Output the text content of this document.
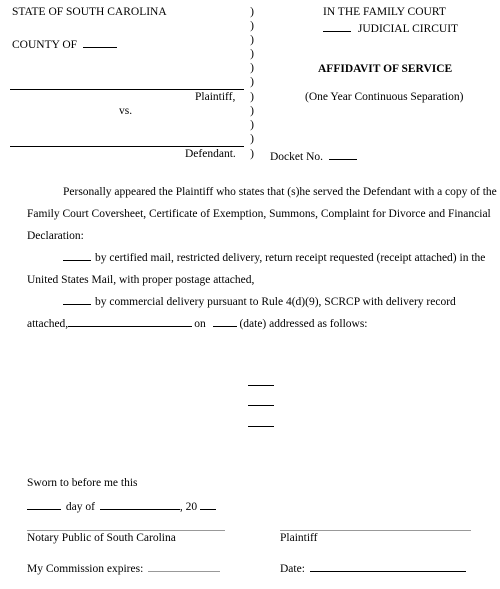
STATE OF SOUTH CAROLINA
COUNTY OF
Plaintiff,
vs.
Defendant.
)
)
)
)
)
)
)
)
)
)
)
IN THE FAMILY COURT
JUDICIAL CIRCUIT
AFFIDAVIT OF SERVICE
(One Year Continuous Separation)
Docket No.
Personally appeared the Plaintiff who states that (s)he served the Defendant with a copy of the Family Court Coversheet, Certificate of Exemption, Summons, Complaint for Divorce and Financial Declaration:
by certified mail, restricted delivery, return receipt requested (receipt attached) in the United States Mail, with proper postage attached,
by commercial delivery pursuant to Rule 4(d)(9), SCRCP with delivery record
attached,	on	(date) addressed as follows:
Sworn to before me this
day of	, 20
Notary Public of South Carolina	Plaintiff
My Commission expires:	Date:
